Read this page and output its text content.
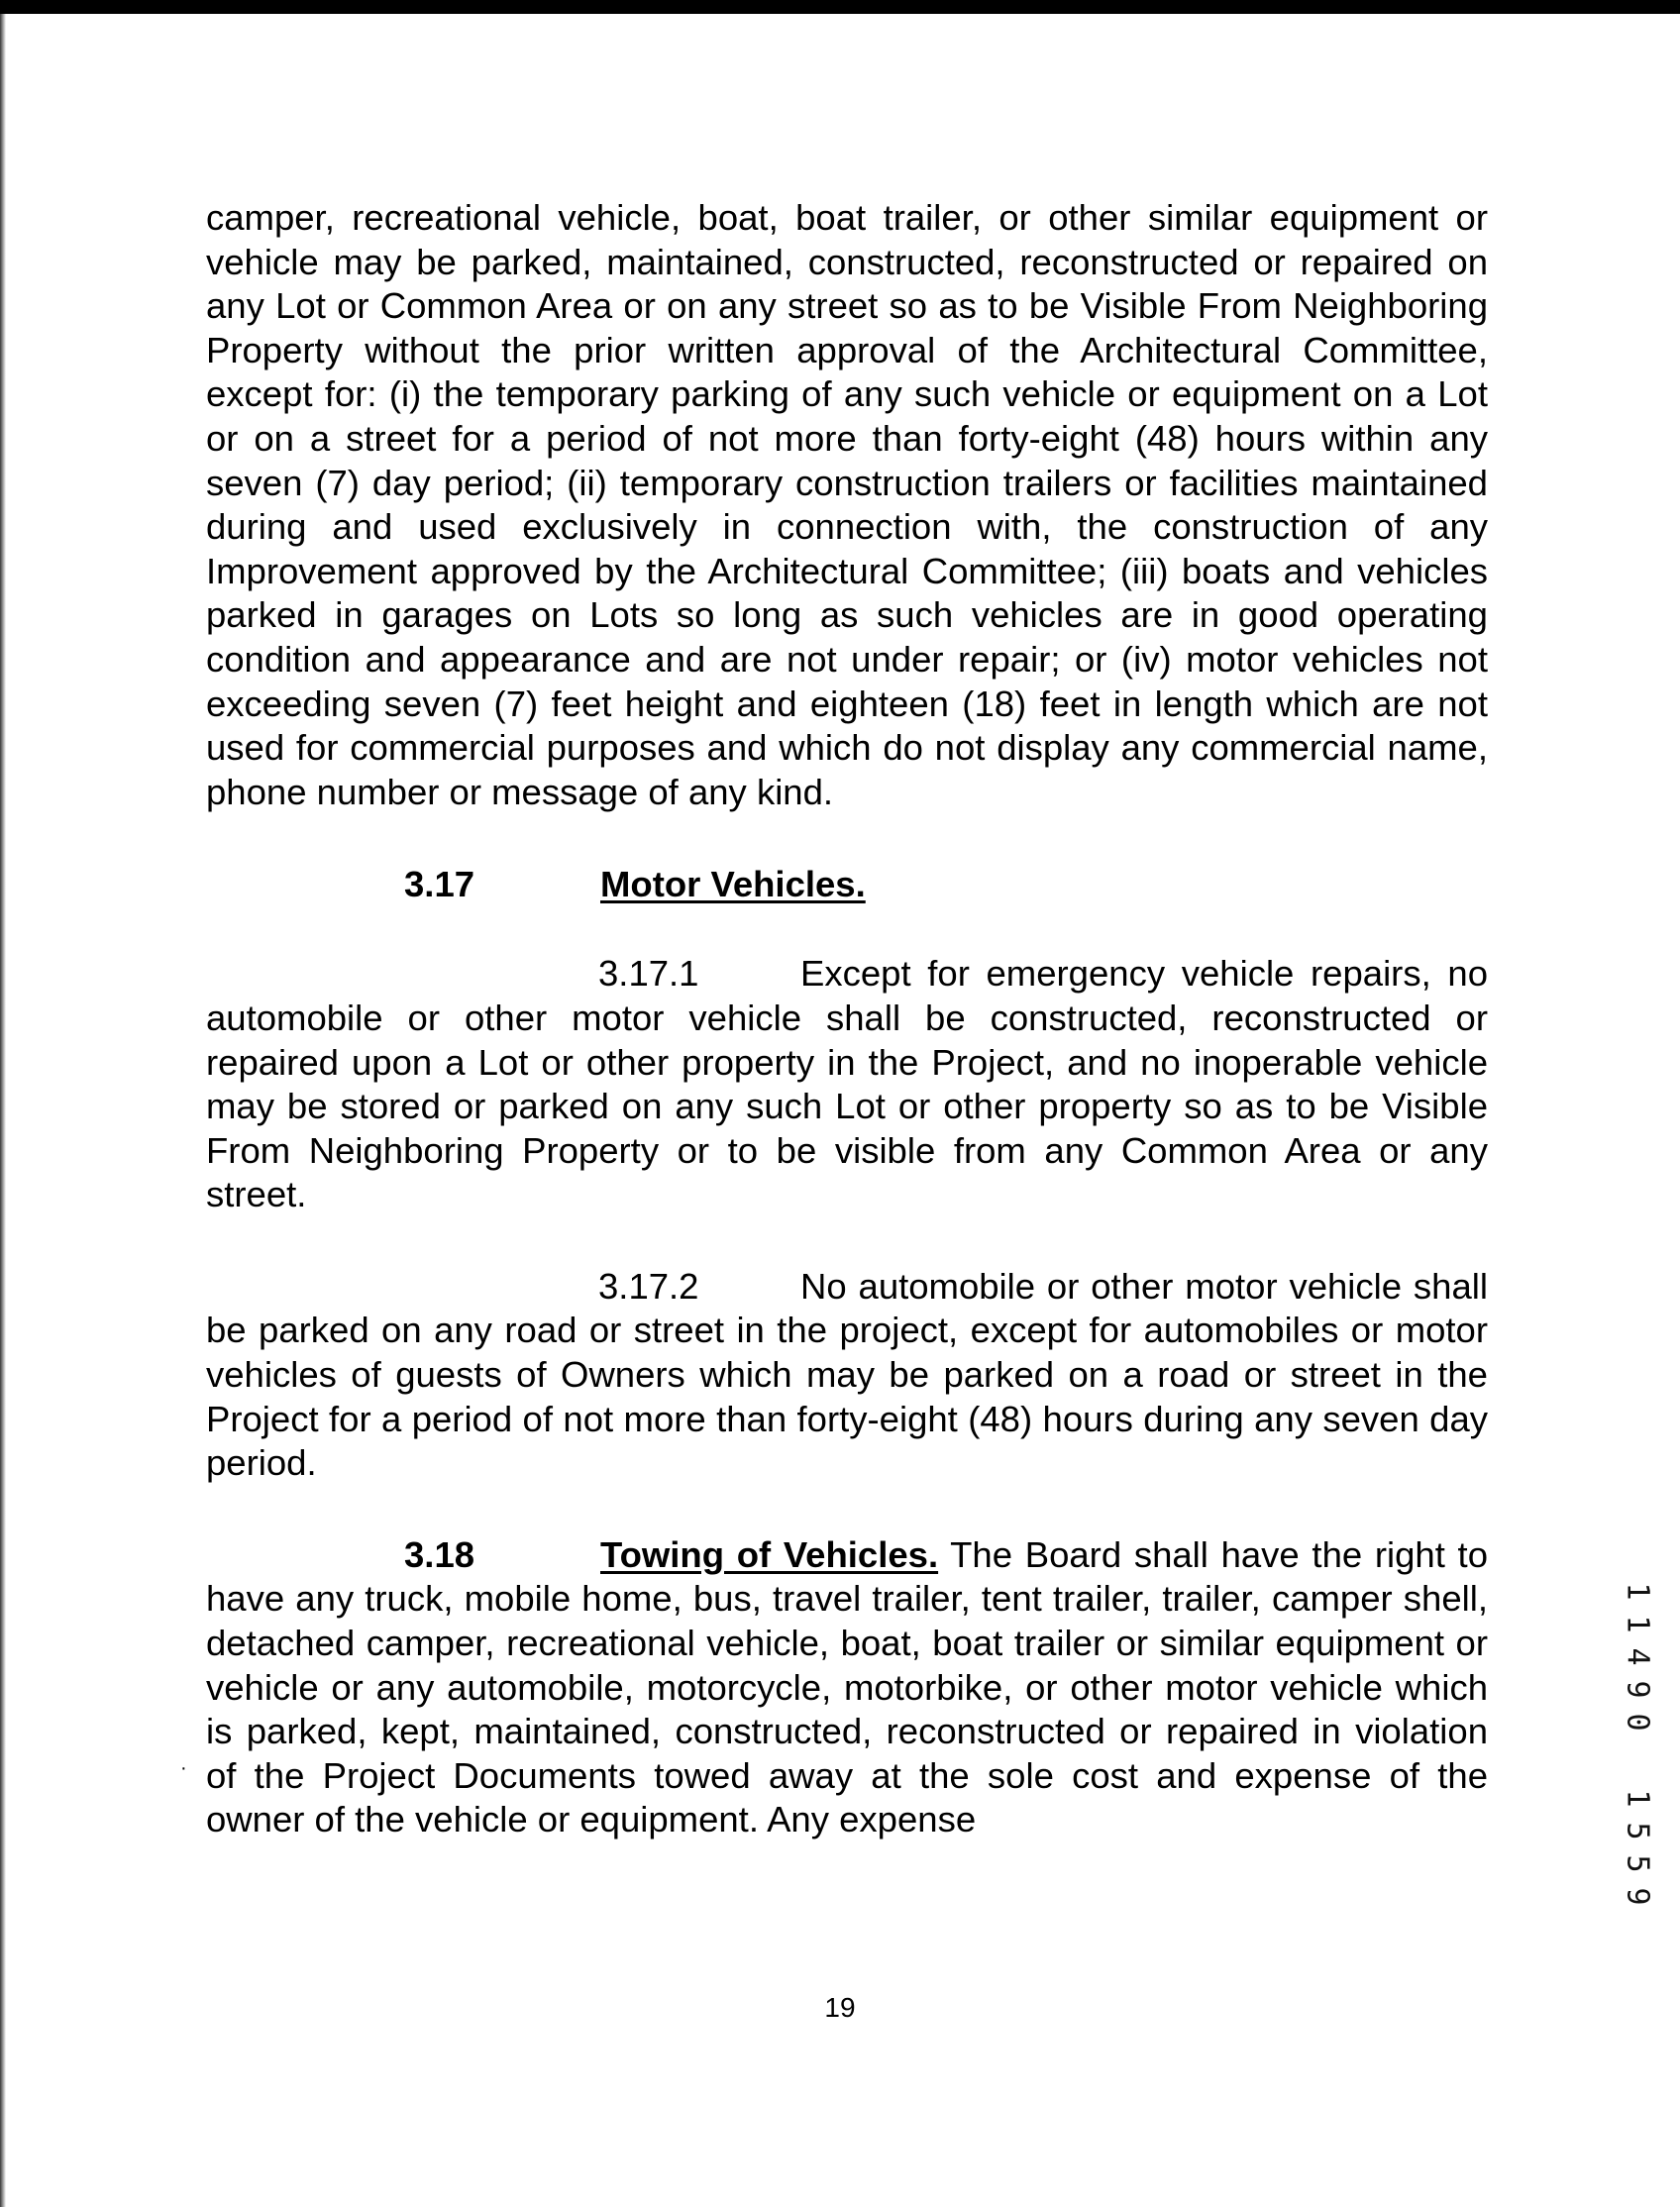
camper, recreational vehicle, boat, boat trailer, or other similar equipment or vehicle may be parked, maintained, constructed, reconstructed or repaired on any Lot or Common Area or on any street so as to be Visible From Neighboring Property without the prior written approval of the Architectural Committee, except for: (i) the temporary parking of any such vehicle or equipment on a Lot or on a street for a period of not more than forty-eight (48) hours within any seven (7) day period; (ii) temporary construction trailers or facilities maintained during and used exclusively in connection with, the construction of any Improvement approved by the Architectural Committee; (iii) boats and vehicles parked in garages on Lots so long as such vehicles are in good operating condition and appearance and are not under repair; or (iv) motor vehicles not exceeding seven (7) feet height and eighteen (18) feet in length which are not used for commercial purposes and which do not display any commercial name, phone number or message of any kind.

3.17	Motor Vehicles.

3.17.1	Except for emergency vehicle repairs, no automobile or other motor vehicle shall be constructed, reconstructed or repaired upon a Lot or other property in the Project, and no inoperable vehicle may be stored or parked on any such Lot or other property so as to be Visible From Neighboring Property or to be visible from any Common Area or any street.

3.17.2	No automobile or other motor vehicle shall be parked on any road or street in the project, except for automobiles or motor vehicles of guests of Owners which may be parked on a road or street in the Project for a period of not more than forty-eight (48) hours during any seven day period.

3.18	Towing of Vehicles. The Board shall have the right to have any truck, mobile home, bus, travel trailer, tent trailer, trailer, camper shell, detached camper, recreational vehicle, boat, boat trailer or similar equipment or vehicle or any automobile, motorcycle, motorbike, or other motor vehicle which is parked, kept, maintained, constructed, reconstructed or repaired in violation of the Project Documents towed away at the sole cost and expense of the owner of the vehicle or equipment. Any expense

·
19
1
1
4
9
0
1
5
5
9
